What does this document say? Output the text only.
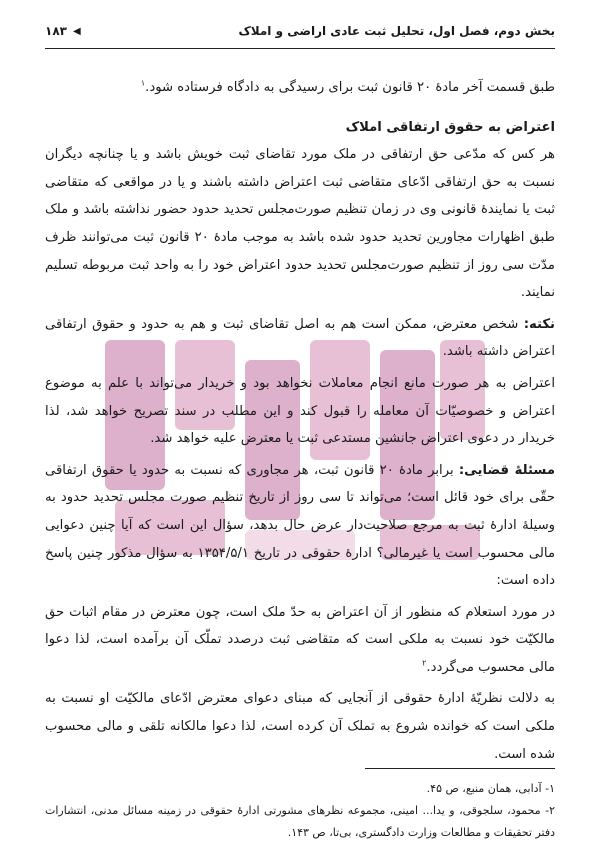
بخش دوم، فصل اول، تحلیل ثبت عادی اراضی و املاک
۱۸۳ ◀

طبق قسمت آخر مادهٔ ۲۰ قانون ثبت برای رسیدگی به دادگاه فرستاده شود.$^۱$

اعتراض به حقوق ارتفاقی املاک

هر کس که مدّعی حق ارتفاقی در ملک مورد تقاضای ثبت خویش باشد و یا چنانچه دیگران نسبت به حق ارتفاقی ادّعای متقاضی ثبت اعتراض داشته باشند و یا در مواقعی که متقاضی ثبت یا نمایندهٔ قانونی وی در زمان تنظیم صورت‌مجلس تحدید حدود حضور نداشته باشد و ملک طبق اظهارات مجاورین تحدید حدود شده باشد به موجب مادهٔ ۲۰ قانون ثبت می‌توانند ظرف مدّت سی روز از تنظیم صورت‌مجلس تحدید حدود اعتراض خود را به واحد ثبت مربوطه تسلیم نمایند.

نکته: شخص معترض، ممکن است هم به اصل تقاضای ثبت و هم به حدود و حقوق ارتفاقی اعتراض داشته باشد.

اعتراض به هر صورت مانع انجام معاملات نخواهد بود و خریدار می‌تواند با علم به موضوع اعتراض و خصوصیّات آن معامله را قبول کند و این مطلب در سند تصریح خواهد شد، لذا خریدار در دعوی اعتراض جانشین مستدعی ثبت یا معترض علیه خواهد شد.

مسئلهٔ قضایی: برابر مادهٔ ۲۰ قانون ثبت، هر مجاوری که نسبت به حدود یا حقوق ارتفاقی حقّی برای خود قائل است؛ می‌تواند تا سی روز از تاریخ تنظیم صورت مجلس تحدید حدود به وسیلهٔ ادارهٔ ثبت به مرجع صلاحیت‌دار عرض حال بدهد، سؤال این است که آیا چنین دعوایی مالی محسوب است یا غیرمالی؟ ادارهٔ حقوقی در تاریخ ۱۳۵۴/۵/۱ به سؤال مذکور چنین پاسخ داده است:

در مورد استعلام که منظور از آن اعتراض به حدّ ملک است، چون معترض در مقام اثبات حق مالکیّت خود نسبت به ملکی است که متقاضی ثبت درصدد تملّک آن برآمده است، لذا دعوا مالی محسوب می‌گردد.$^۲$

به دلالت نظریّهٔ ادارهٔ حقوقی از آنجایی که مبنای دعوای معترض ادّعای مالکیّت او نسبت به ملکی است که خوانده شروع به تملک آن کرده است، لذا دعوا مالکانه تلقی و مالی محسوب شده است.

۱- آدابی، همان منبع، ص ۴۵.

۲- محمود، سلجوقی، و یدا... امینی، مجموعه نظرهای مشورتی ادارهٔ حقوقی در زمینه مسائل مدنی، انتشارات دفتر تحقیقات و مطالعات وزارت دادگستری، بی‌تا، ص ۱۴۳.
